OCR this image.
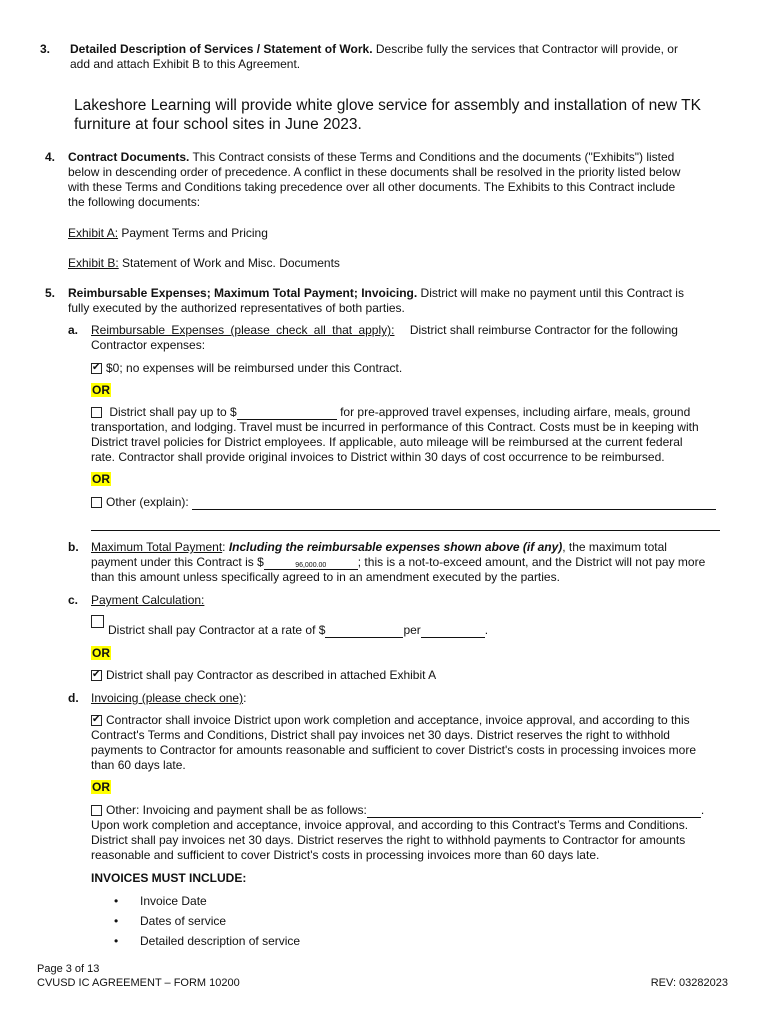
3. Detailed Description of Services / Statement of Work. Describe fully the services that Contractor will provide, or
add and attach Exhibit B to this Agreement.
Lakeshore Learning will provide white glove service for assembly and installation of new TK
furniture at four school sites in June 2023.
4. Contract Documents. This Contract consists of these Terms and Conditions and the documents ("Exhibits") listed
below in descending order of precedence. A conflict in these documents shall be resolved in the priority listed below
with these Terms and Conditions taking precedence over all other documents. The Exhibits to this Contract include
the following documents:
Exhibit A: Payment Terms and Pricing
Exhibit B: Statement of Work and Misc. Documents
5. Reimbursable Expenses; Maximum Total Payment; Invoicing. District will make no payment until this Contract is
fully executed by the authorized representatives of both parties.
a. Reimbursable Expenses (please check all that apply): District shall reimburse Contractor for the following
Contractor expenses:
✔$0; no expenses will be reimbursed under this Contract.
OR
District shall pay up to $	for pre-approved travel expenses, including airfare, meals, ground
transportation, and lodging. Travel must be incurred in performance of this Contract. Costs must be in keeping with
District travel policies for District employees. If applicable, auto mileage will be reimbursed at the current federal
rate. Contractor shall provide original invoices to District within 30 days of cost occurrence to be reimbursed.
OR
Other (explain):
b. Maximum Total Payment: Including the reimbursable expenses shown above (if any), the maximum total
payment under this Contract is $	96,000.00	; this is a not-to-exceed amount, and the District will not pay more
than this amount unless specifically agreed to in an amendment executed by the parties.
c. Payment Calculation:
District shall pay Contractor at a rate of $	per	.
OR
✔District shall pay Contractor as described in attached Exhibit A
d. Invoicing (please check one):
✔Contractor shall invoice District upon work completion and acceptance, invoice approval, and according to this
Contract's Terms and Conditions, District shall pay invoices net 30 days. District reserves the right to withhold
payments to Contractor for amounts reasonable and sufficient to cover District's costs in processing invoices more
than 60 days late.
OR
Other: Invoicing and payment shall be as follows:	.
Upon work completion and acceptance, invoice approval, and according to this Contract's Terms and Conditions.
District shall pay invoices net 30 days. District reserves the right to withhold payments to Contractor for amounts
reasonable and sufficient to cover District's costs in processing invoices more than 60 days late.
INVOICES MUST INCLUDE:
• Invoice Date
• Dates of service
• Detailed description of service
Page 3 of 13
CVUSD IC AGREEMENT – FORM 10200	REV: 03282023
